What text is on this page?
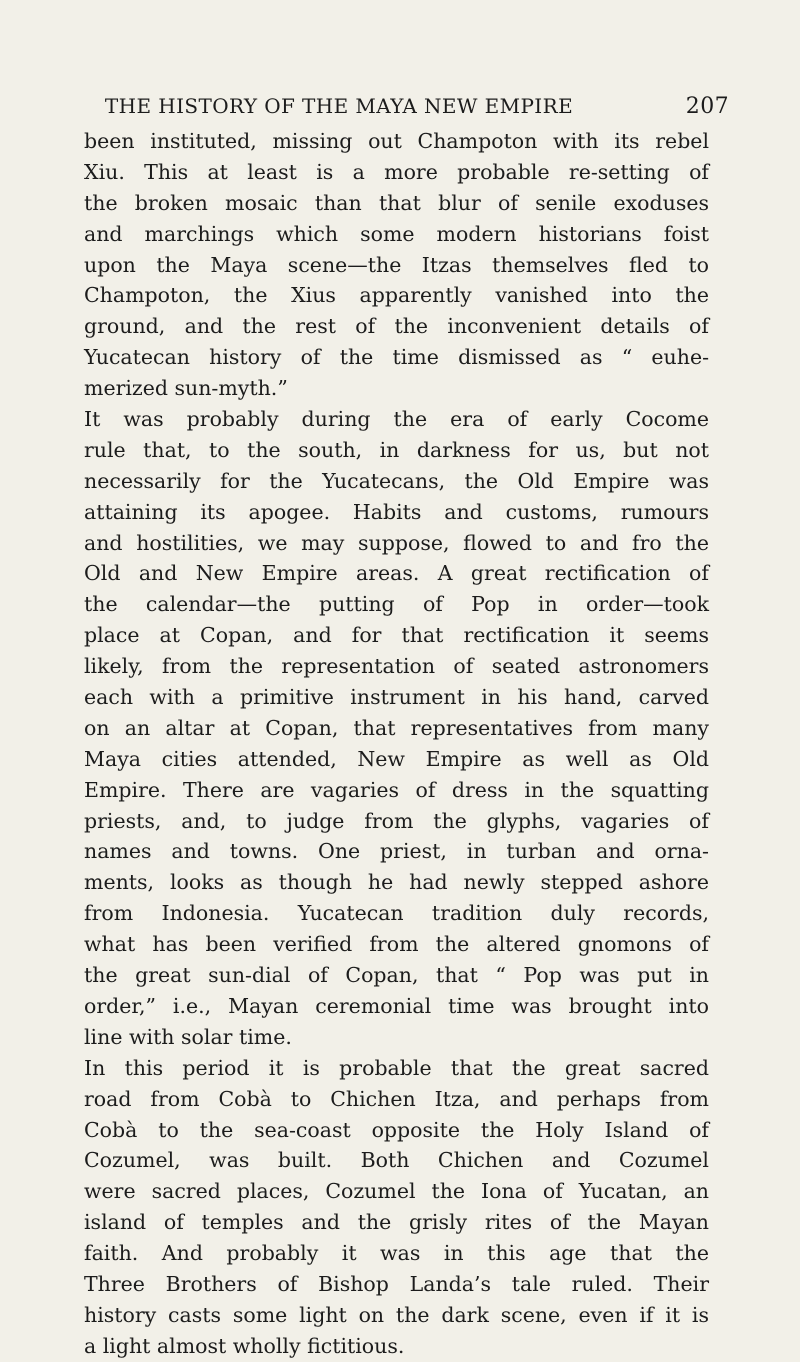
THE HISTORY OF THE MAYA NEW EMPIRE	207

been instituted, missing out Champoton with its rebel
Xiu. This at least is a more probable re-setting of
the broken mosaic than that blur of senile exoduses
and marchings which some modern historians foist
upon the Maya scene—the Itzas themselves fled to
Champoton, the Xius apparently vanished into the
ground, and the rest of the inconvenient details of
Yucatecan history of the time dismissed as “ euhe-
merized sun-myth.”

It was probably during the era of early Cocome
rule that, to the south, in darkness for us, but not
necessarily for the Yucatecans, the Old Empire was
attaining its apogee. Habits and customs, rumours
and hostilities, we may suppose, flowed to and fro the
Old and New Empire areas. A great rectification of
the calendar—the putting of Pop in order—took
place at Copan, and for that rectification it seems
likely, from the representation of seated astronomers
each with a primitive instrument in his hand, carved
on an altar at Copan, that representatives from many
Maya cities attended, New Empire as well as Old
Empire. There are vagaries of dress in the squatting
priests, and, to judge from the glyphs, vagaries of
names and towns. One priest, in turban and orna-
ments, looks as though he had newly stepped ashore
from Indonesia. Yucatecan tradition duly records,
what has been verified from the altered gnomons of
the great sun-dial of Copan, that “ Pop was put in
order,” i.e., Mayan ceremonial time was brought into
line with solar time.

In this period it is probable that the great sacred
road from Cobà to Chichen Itza, and perhaps from
Cobà to the sea-coast opposite the Holy Island of
Cozumel, was built. Both Chichen and Cozumel
were sacred places, Cozumel the Iona of Yucatan, an
island of temples and the grisly rites of the Mayan
faith. And probably it was in this age that the
Three Brothers of Bishop Landa’s tale ruled. Their
history casts some light on the dark scene, even if it is
a light almost wholly fictitious.
